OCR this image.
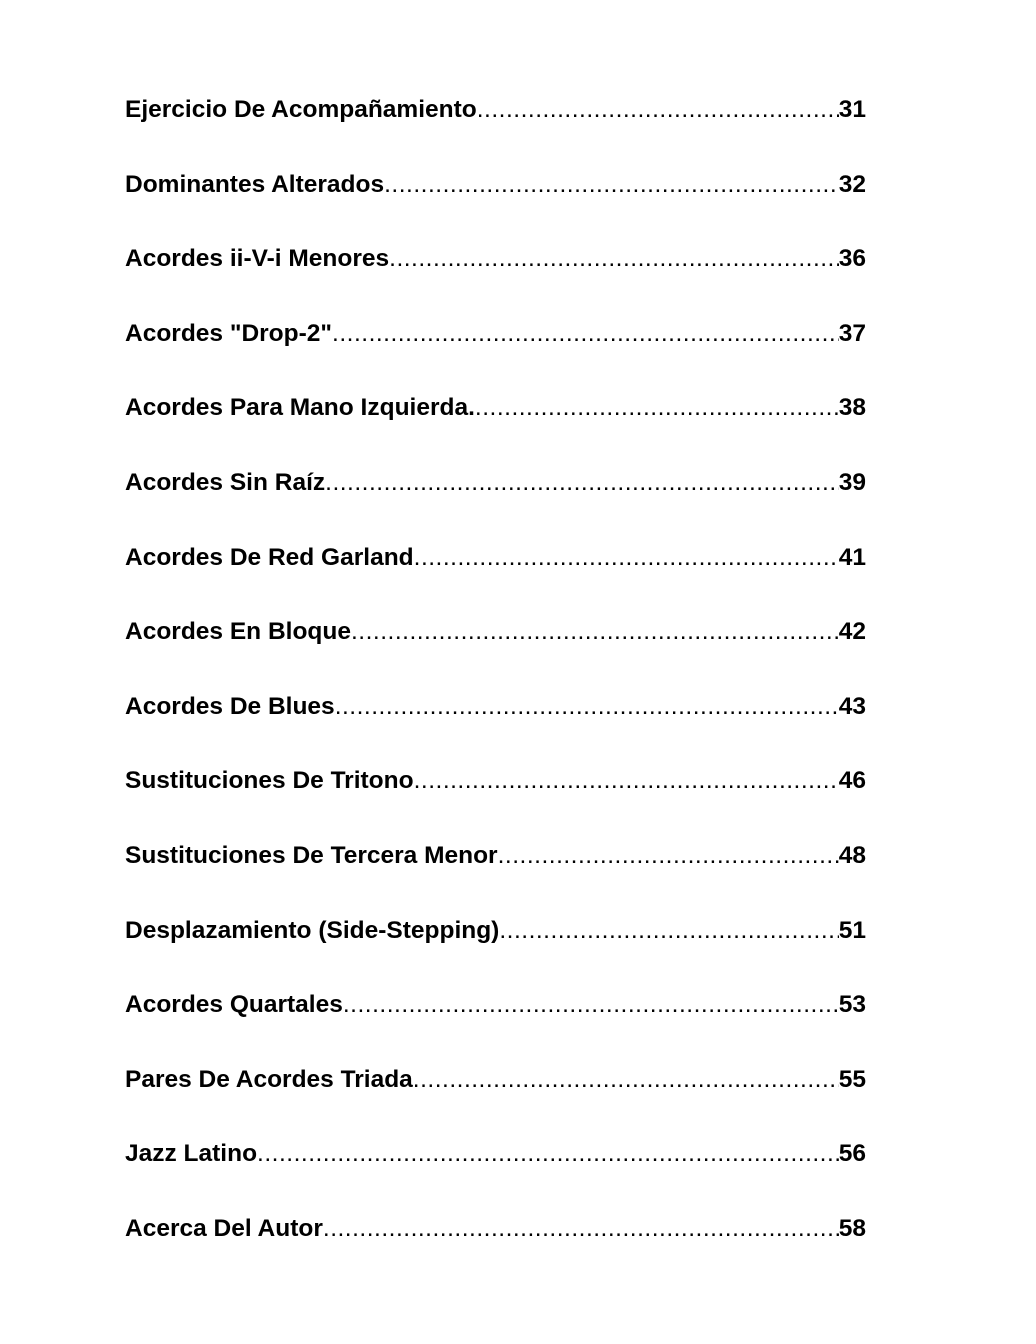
Ejercicio De Acompañamiento .....	31
Dominantes Alterados .....	32
Acordes ii-V-i Menores .....	36
Acordes "Drop-2" .....	37
Acordes Para Mano Izquierda. .....	38
Acordes Sin Raíz .....	39
Acordes De Red Garland .....	41
Acordes En Bloque .....	42
Acordes De Blues .....	43
Sustituciones De Tritono .....	46
Sustituciones De Tercera Menor .....	48
Desplazamiento (Side-Stepping) .....	51
Acordes Quartales .....	53
Pares De Acordes Triada .....	55
Jazz Latino .....	56
Acerca Del Autor .....	58
